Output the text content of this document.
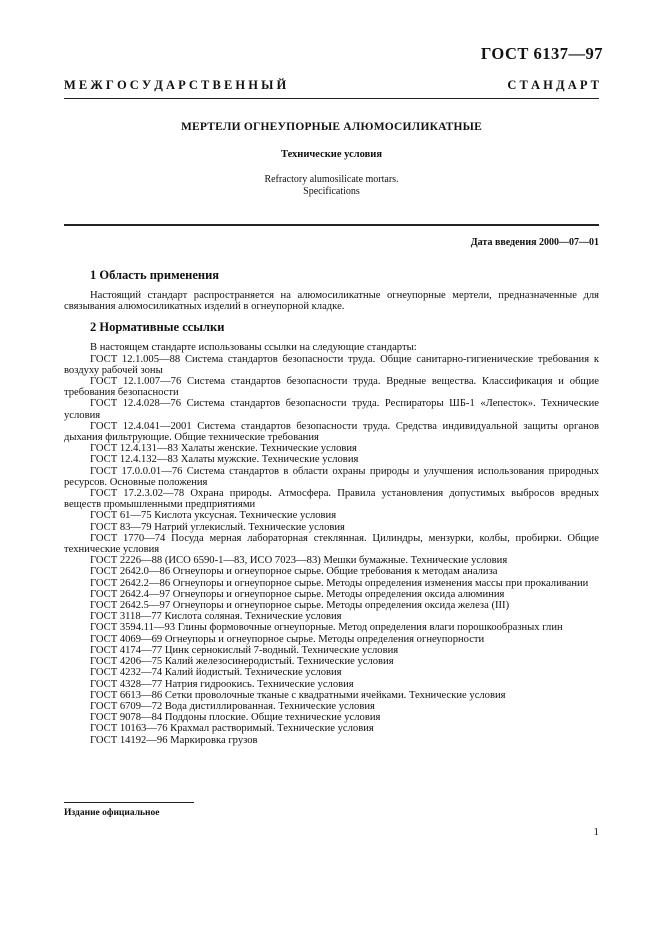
ГОСТ 6137—97
М Е Ж Г О С У Д А Р С Т В Е Н Н Ы Й	С Т А Н Д А Р Т
МЕРТЕЛИ ОГНЕУПОРНЫЕ АЛЮМОСИЛИКАТНЫЕ
Технические условия
Refractory alumosilicate mortars.
Specifications
Дата введения 2000—07—01
1 Область применения

Настоящий стандарт распространяется на алюмосиликатные огнеупорные мертели, предназначенные для связывания алюмосиликатных изделий в огнеупорной кладке.

2 Нормативные ссылки

В настоящем стандарте использованы ссылки на следующие стандарты:

ГОСТ 12.1.005—88 Система стандартов безопасности труда. Общие санитарно-гигиенические требования к воздуху рабочей зоны

ГОСТ 12.1.007—76 Система стандартов безопасности труда. Вредные вещества. Классификация и общие требования безопасности

ГОСТ 12.4.028—76 Система стандартов безопасности труда. Респираторы ШБ-1 «Лепесток». Технические условия

ГОСТ 12.4.041—2001 Система стандартов безопасности труда. Средства индивидуальной защиты органов дыхания фильтрующие. Общие технические требования

ГОСТ 12.4.131—83 Халаты женские. Технические условия

ГОСТ 12.4.132—83 Халаты мужские. Технические условия

ГОСТ 17.0.0.01—76 Система стандартов в области охраны природы и улучшения использования природных ресурсов. Основные положения

ГОСТ 17.2.3.02—78 Охрана природы. Атмосфера. Правила установления допустимых выбросов вредных веществ промышленными предприятиями

ГОСТ 61—75 Кислота уксусная. Технические условия

ГОСТ 83—79 Натрий углекислый. Технические условия

ГОСТ 1770—74 Посуда мерная лабораторная стеклянная. Цилиндры, мензурки, колбы, пробирки. Общие технические условия

ГОСТ 2226—88 (ИСО 6590-1—83, ИСО 7023—83) Мешки бумажные. Технические условия

ГОСТ 2642.0—86 Огнеупоры и огнеупорное сырье. Общие требования к методам анализа

ГОСТ 2642.2—86 Огнеупоры и огнеупорное сырье. Методы определения изменения массы при прокаливании

ГОСТ 2642.4—97 Огнеупоры и огнеупорное сырье. Методы определения оксида алюминия

ГОСТ 2642.5—97 Огнеупоры и огнеупорное сырье. Методы определения оксида железа (III)

ГОСТ 3118—77 Кислота соляная. Технические условия

ГОСТ 3594.11—93 Глины формовочные огнеупорные. Метод определения влаги порошкообразных глин

ГОСТ 4069—69 Огнеупоры и огнеупорное сырье. Методы определения огнеупорности

ГОСТ 4174—77 Цинк сернокислый 7-водный. Технические условия

ГОСТ 4206—75 Калий железосинеродистый. Технические условия

ГОСТ 4232—74 Калий йодистый. Технические условия

ГОСТ 4328—77 Натрия гидроокись. Технические условия

ГОСТ 6613—86 Сетки проволочные тканые с квадратными ячейками. Технические условия

ГОСТ 6709—72 Вода дистиллированная. Технические условия

ГОСТ 9078—84 Поддоны плоские. Общие технические условия

ГОСТ 10163—76 Крахмал растворимый. Технические условия

ГОСТ 14192—96 Маркировка грузов

Издание официальное
1
